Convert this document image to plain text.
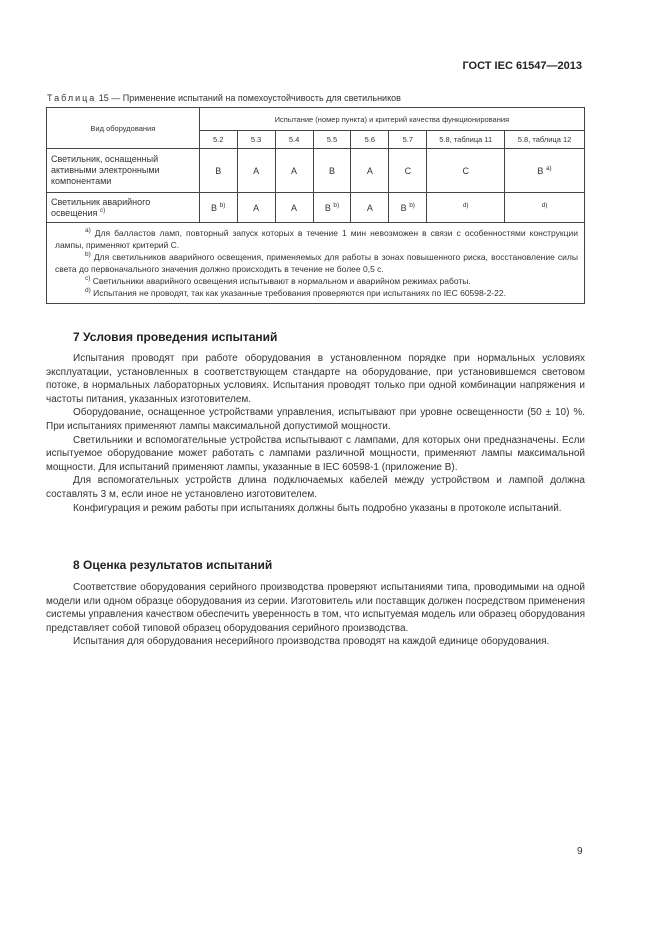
ГОСТ IEC 61547—2013
Таблица 15 — Применение испытаний на помехоустойчивость для светильников
Вид оборудования	Испытание (номер пункта) и критерий качества функционирования							
	5.2	5.3	5.4	5.5	5.6	5.7	5.8, таблица 11	5.8, таблица 12
Светильник, оснащенный активными электронными компонентами	B	A	A	B	A	C	C	B $^{a)}$
Светильник аварийного освещения $^{c)}$	B $^{b)}$	A	A	B $^{b)}$	A	B $^{b)}$	$^{d)}$	$^{d)}$

$^{a)}$ Для балластов ламп, повторный запуск которых в течение 1 мин невозможен в связи с особенностями конструкции лампы, применяют критерий С.
$^{b)}$ Для светильников аварийного освещения, применяемых для работы в зонах повышенного риска, восстановление силы света до первоначального значения должно происходить в течение не более 0,5 с.
$^{c)}$ Светильники аварийного освещения испытывают в нормальном и аварийном режимах работы.
$^{d)}$ Испытания не проводят, так как указанные требования проверяются при испытаниях по IEC 60598-2-22.								
7 Условия проведения испытаний

Испытания проводят при работе оборудования в установленном порядке при нормальных условиях эксплуатации, установленных в соответствующем стандарте на оборудование, при установившемся световом потоке, в нормальных лабораторных условиях. Испытания проводят только при одной комбинации напряжения и частоты питания, указанных изготовителем.

Оборудование, оснащенное устройствами управления, испытывают при уровне освещенности (50 ± 10) %. При испытаниях применяют лампы максимальной допустимой мощности.

Светильники и вспомогательные устройства испытывают с лампами, для которых они предназначены. Если испытуемое оборудование может работать с лампами различной мощности, применяют лампы максимальной мощности. Для испытаний применяют лампы, указанные в IEC 60598-1 (приложение В).

Для вспомогательных устройств длина подключаемых кабелей между устройством и лампой должна составлять 3 м, если иное не установлено изготовителем.

Конфигурация и режим работы при испытаниях должны быть подробно указаны в протоколе испытаний.

8 Оценка результатов испытаний

Соответствие оборудования серийного производства проверяют испытаниями типа, проводимыми на одной модели или одном образце оборудования из серии. Изготовитель или поставщик должен посредством применения системы управления качеством обеспечить уверенность в том, что испытуемая модель или образец оборудования представляет собой типовой образец оборудования серийного производства.

Испытания для оборудования несерийного производства проводят на каждой единице оборудования.

9
